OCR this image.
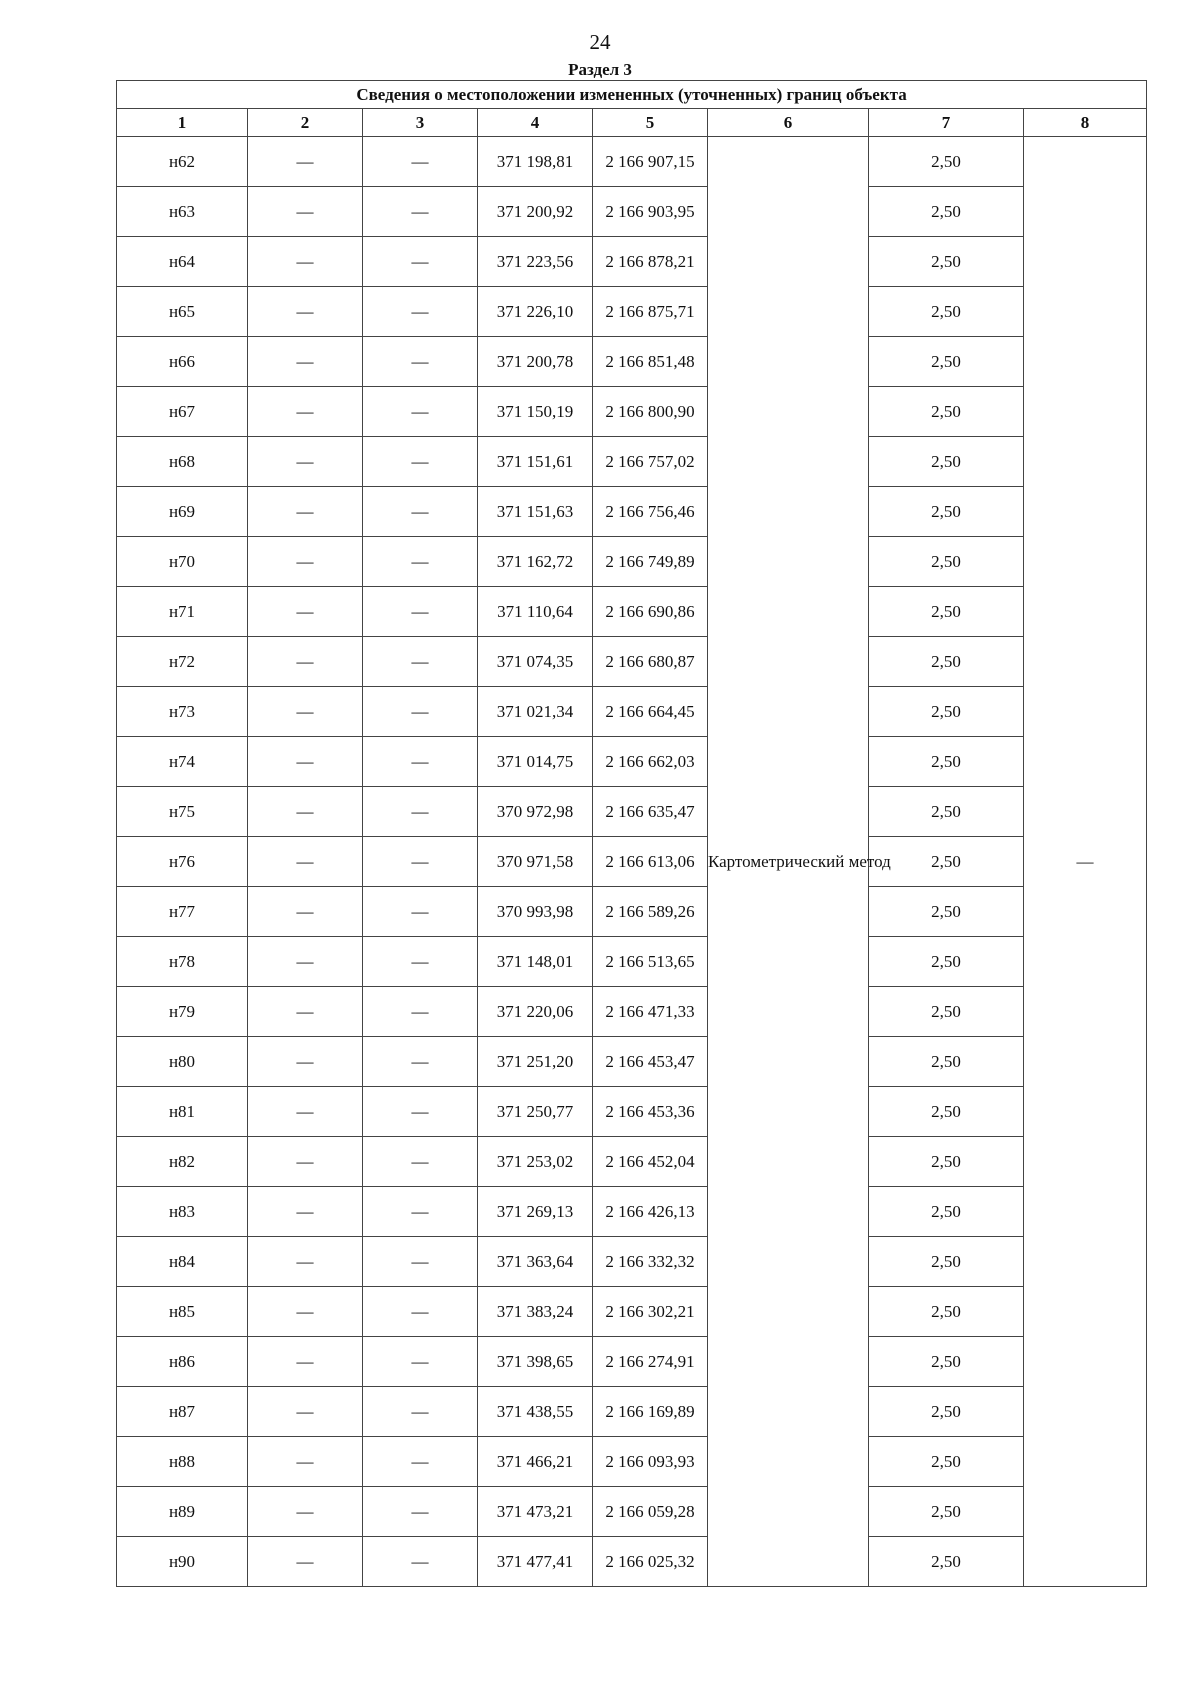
24
Раздел 3
Сведения о местоположении измененных (уточненных) границ объекта							
1	2	3	4	5	6	7	8
н62	—	—	371 198,81	2 166 907,15	Картометрический метод	2,50	—
н63	—	—	371 200,92	2 166 903,95		2,50	
н64	—	—	371 223,56	2 166 878,21		2,50	
н65	—	—	371 226,10	2 166 875,71		2,50	
н66	—	—	371 200,78	2 166 851,48		2,50	
н67	—	—	371 150,19	2 166 800,90		2,50	
н68	—	—	371 151,61	2 166 757,02		2,50	
н69	—	—	371 151,63	2 166 756,46		2,50	
н70	—	—	371 162,72	2 166 749,89		2,50	
н71	—	—	371 110,64	2 166 690,86		2,50	
н72	—	—	371 074,35	2 166 680,87		2,50	
н73	—	—	371 021,34	2 166 664,45		2,50	
н74	—	—	371 014,75	2 166 662,03		2,50	
н75	—	—	370 972,98	2 166 635,47		2,50	
н76	—	—	370 971,58	2 166 613,06		2,50	
н77	—	—	370 993,98	2 166 589,26		2,50	
н78	—	—	371 148,01	2 166 513,65		2,50	
н79	—	—	371 220,06	2 166 471,33		2,50	
н80	—	—	371 251,20	2 166 453,47		2,50	
н81	—	—	371 250,77	2 166 453,36		2,50	
н82	—	—	371 253,02	2 166 452,04		2,50	
н83	—	—	371 269,13	2 166 426,13		2,50	
н84	—	—	371 363,64	2 166 332,32		2,50	
н85	—	—	371 383,24	2 166 302,21		2,50	
н86	—	—	371 398,65	2 166 274,91		2,50	
н87	—	—	371 438,55	2 166 169,89		2,50	
н88	—	—	371 466,21	2 166 093,93		2,50	
н89	—	—	371 473,21	2 166 059,28		2,50	
н90	—	—	371 477,41	2 166 025,32		2,50	
